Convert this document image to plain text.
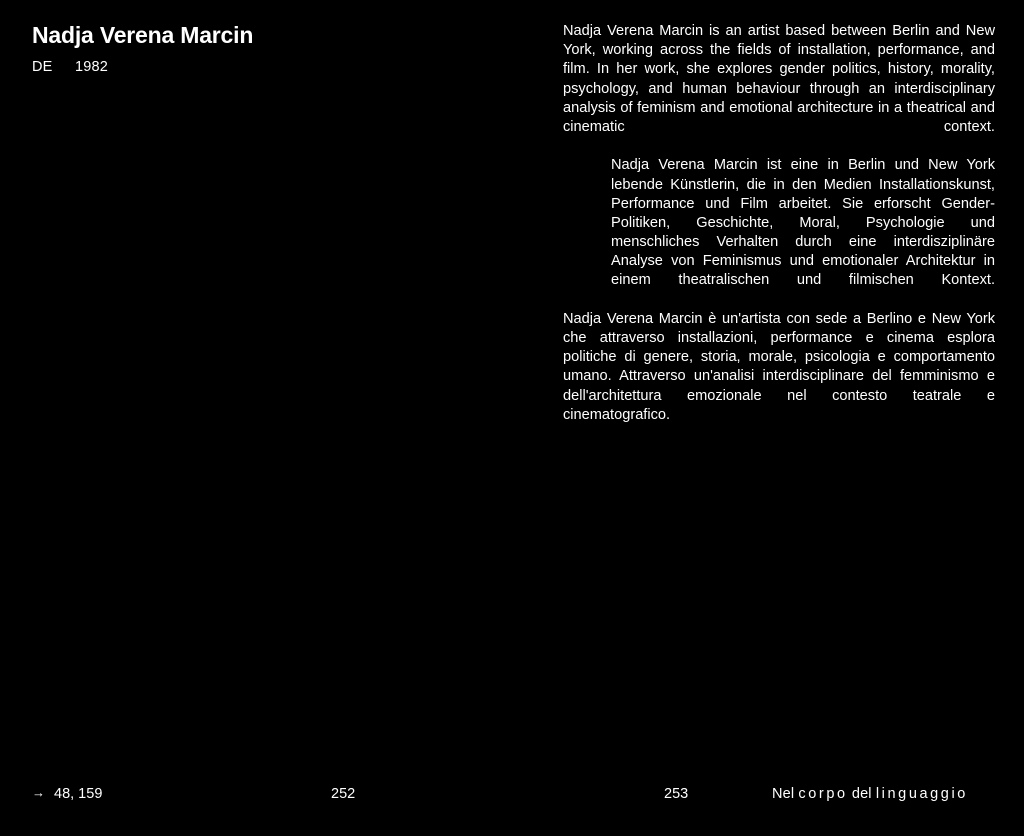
Nadja Verena Marcin
DE	1982

Nadja Verena Marcin is an artist based between Berlin and New York, working across the fields of installation, performance, and film. In her work, she explores gender politics, history, morality, psychology, and human behaviour through an interdisciplinary analysis of feminism and emotional architecture in a theatrical and cinematic context.

Nadja Verena Marcin ist eine in Berlin und New York lebende Künstlerin, die in den Medien Installationskunst, Performance und Film arbeitet. Sie erforscht Gender-Politiken, Geschichte, Moral, Psychologie und menschliches Verhalten durch eine interdisziplinäre Analyse von Feminismus und emotionaler Architektur in einem theatralischen und filmischen Kontext.

Nadja Verena Marcin è un'artista con sede a Berlino e New York che attraverso installazioni, performance e cinema esplora politiche di genere, storia, morale, psicologia e comportamento umano. Attraverso un'analisi interdisciplinare del femminismo e dell'architettura emozionale nel contesto teatrale e cinematografico.

→ 48, 159	252	253	Nel corpo del linguaggio
